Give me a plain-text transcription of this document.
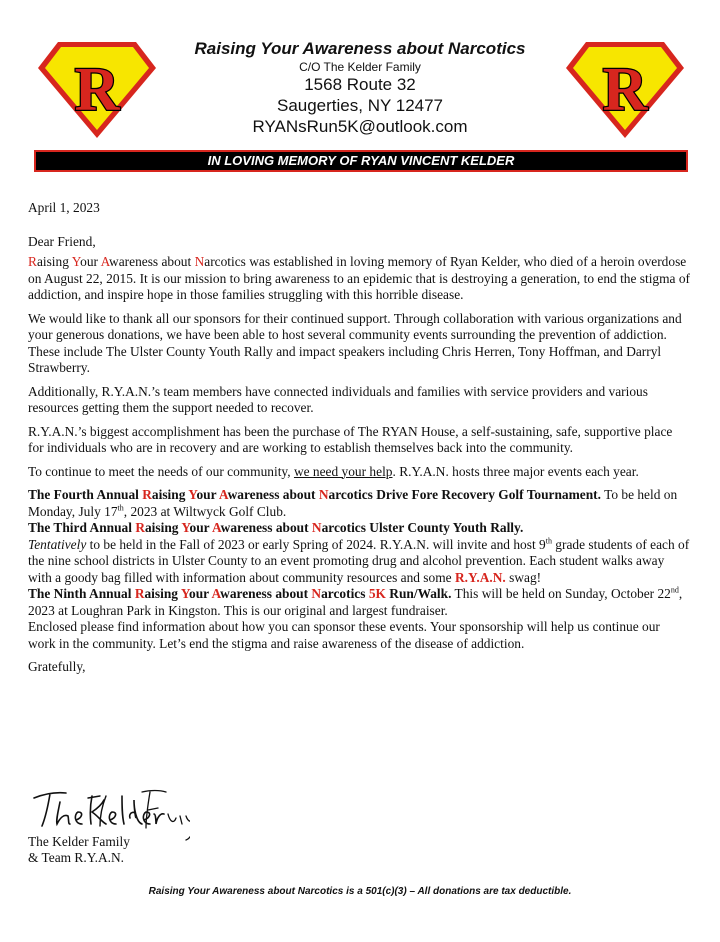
R	R
Raising Your Awareness about Narcotics
C/O The Kelder Family
1568 Route 32
Saugerties, NY 12477
RYANsRun5K@outlook.com
IN LOVING MEMORY OF RYAN VINCENT KELDER

April 1, 2023

Dear Friend,

Raising Your Awareness about Narcotics was established in loving memory of Ryan Kelder, who died of a heroin overdose on August 22, 2015. It is our mission to bring awareness to an epidemic that is destroying a generation, to end the stigma of addiction, and inspire hope in those families struggling with this horrible disease.

We would like to thank all our sponsors for their continued support. Through collaboration with various organizations and your generous donations, we have been able to host several community events surrounding the prevention of addiction. These include The Ulster County Youth Rally and impact speakers including Chris Herren, Tony Hoffman, and Darryl Strawberry.

Additionally, R.Y.A.N.’s team members have connected individuals and families with service providers and various resources getting them the support needed to recover.

R.Y.A.N.’s biggest accomplishment has been the purchase of The RYAN House, a self-sustaining, safe, supportive place for individuals who are in recovery and are working to establish themselves back into the community.

To continue to meet the needs of our community, we need your help. R.Y.A.N. hosts three major events each year.

The Fourth Annual Raising Your Awareness about Narcotics Drive Fore Recovery Golf Tournament. To be held on Monday, July 17th, 2023 at Wiltwyck Golf Club.

The Third Annual Raising Your Awareness about Narcotics Ulster County Youth Rally.
Tentatively to be held in the Fall of 2023 or early Spring of 2024. R.Y.A.N. will invite and host 9th grade students of each of the nine school districts in Ulster County to an event promoting drug and alcohol prevention. Each student walks away with a goody bag filled with information about community resources and some R.Y.A.N. swag!

The Ninth Annual Raising Your Awareness about Narcotics 5K Run/Walk. This will be held on Sunday, October 22nd, 2023 at Loughran Park in Kingston. This is our original and largest fundraiser.

Enclosed please find information about how you can sponsor these events. Your sponsorship will help us continue our work in the community. Let’s end the stigma and raise awareness of the disease of addiction.

Gratefully,

The Kelder Family
& Team R.Y.A.N.
Raising Your Awareness about Narcotics is a 501(c)(3) – All donations are tax deductible.
